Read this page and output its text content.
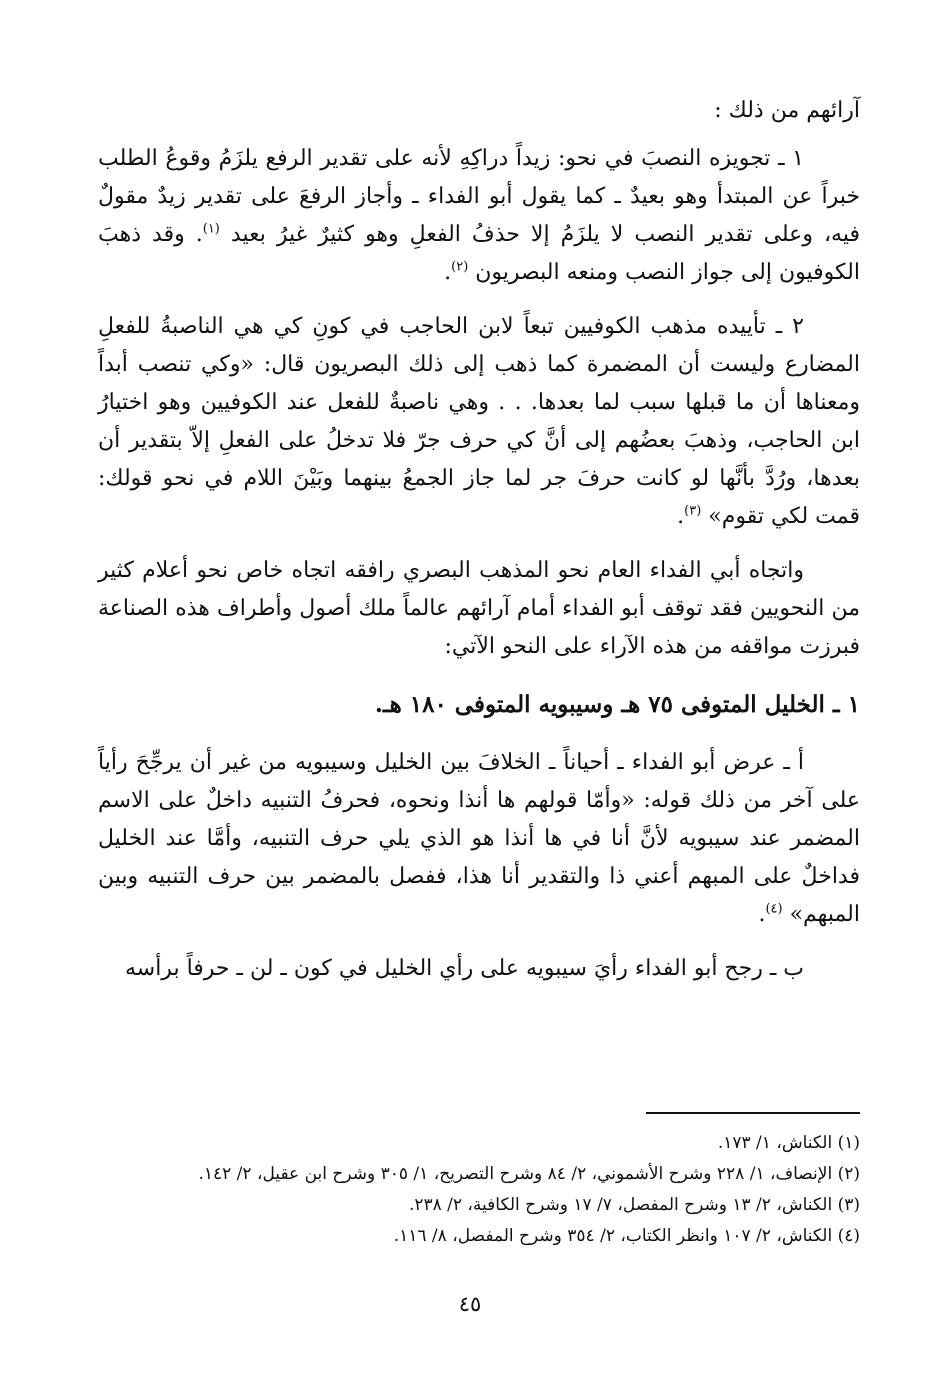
آرائهم من ذلك :

١ ـ تجويزه النصبَ في نحو: زيداً دراكِهِ لأنه على تقدير الرفع يلزَمُ وقوعُ الطلب خبراً عن المبتدأ وهو بعيدٌ ـ كما يقول أبو الفداء ـ وأجاز الرفعَ على تقدير زيدٌ مقولٌ فيه، وعلى تقدير النصب لا يلزَمُ إلا حذفُ الفعلِ وهو كثيرٌ غيرُ بعيد $^{(١)}$. وقد ذهبَ الكوفيون إلى جواز النصب ومنعه البصريون $^{(٢)}$.

٢ ـ تأييده مذهب الكوفيين تبعاً لابن الحاجب في كونِ كي هي الناصبةُ للفعلِ المضارع وليست أن المضمرة كما ذهب إلى ذلك البصريون قال: «وكي تنصب أبداً ومعناها أن ما قبلها سبب لما بعدها. . . وهي ناصبةٌ للفعل عند الكوفيين وهو اختيارُ ابن الحاجب، وذهبَ بعضُهم إلى أنَّ كي حرف جرّ فلا تدخلُ على الفعلِ إلاّ بتقدير أن بعدها، ورُدَّ بأنَّها لو كانت حرفَ جر لما جاز الجمعُ بينهما وبَيْنَ اللام في نحو قولك: قمت لكي تقوم» $^{(٣)}$.

واتجاه أبي الفداء العام نحو المذهب البصري رافقه اتجاه خاص نحو أعلام كثير من النحويين فقد توقف أبو الفداء أمام آرائهم عالماً ملك أصول وأطراف هذه الصناعة فبرزت مواقفه من هذه الآراء على النحو الآتي:

١ ـ الخليل المتوفى ٧٥ هـ وسيبويه المتوفى ١٨٠ هـ.

أ ـ عرض أبو الفداء ـ أحياناً ـ الخلافَ بين الخليل وسيبويه من غير أن يرجِّحَ رأياً على آخر من ذلك قوله: «وأمّا قولهم ها أنذا ونحوه، فحرفُ التنبيه داخلٌ على الاسم المضمر عند سيبويه لأنَّ أنا في ها أنذا هو الذي يلي حرف التنبيه، وأمَّا عند الخليل فداخلٌ على المبهم أعني ذا والتقدير أنا هذا، ففصل بالمضمر بين حرف التنبيه وبين المبهم» $^{(٤)}$.

ب ـ رجح أبو الفداء رأيَ سيبويه على رأي الخليل في كون ـ لن ـ حرفاً برأسه

(١) الكناش، ١/ ١٧٣.

(٢) الإنصاف، ١/ ٢٢٨ وشرح الأشموني، ٢/ ٨٤ وشرح التصريح، ١/ ٣٠٥ وشرح ابن عقيل، ٢/ ١٤٢.

(٣) الكناش، ٢/ ١٣ وشرح المفصل، ٧/ ١٧ وشرح الكافية، ٢/ ٢٣٨.

(٤) الكناش، ٢/ ١٠٧ وانظر الكتاب، ٢/ ٣٥٤ وشرح المفصل، ٨/ ١١٦.

٤٥
